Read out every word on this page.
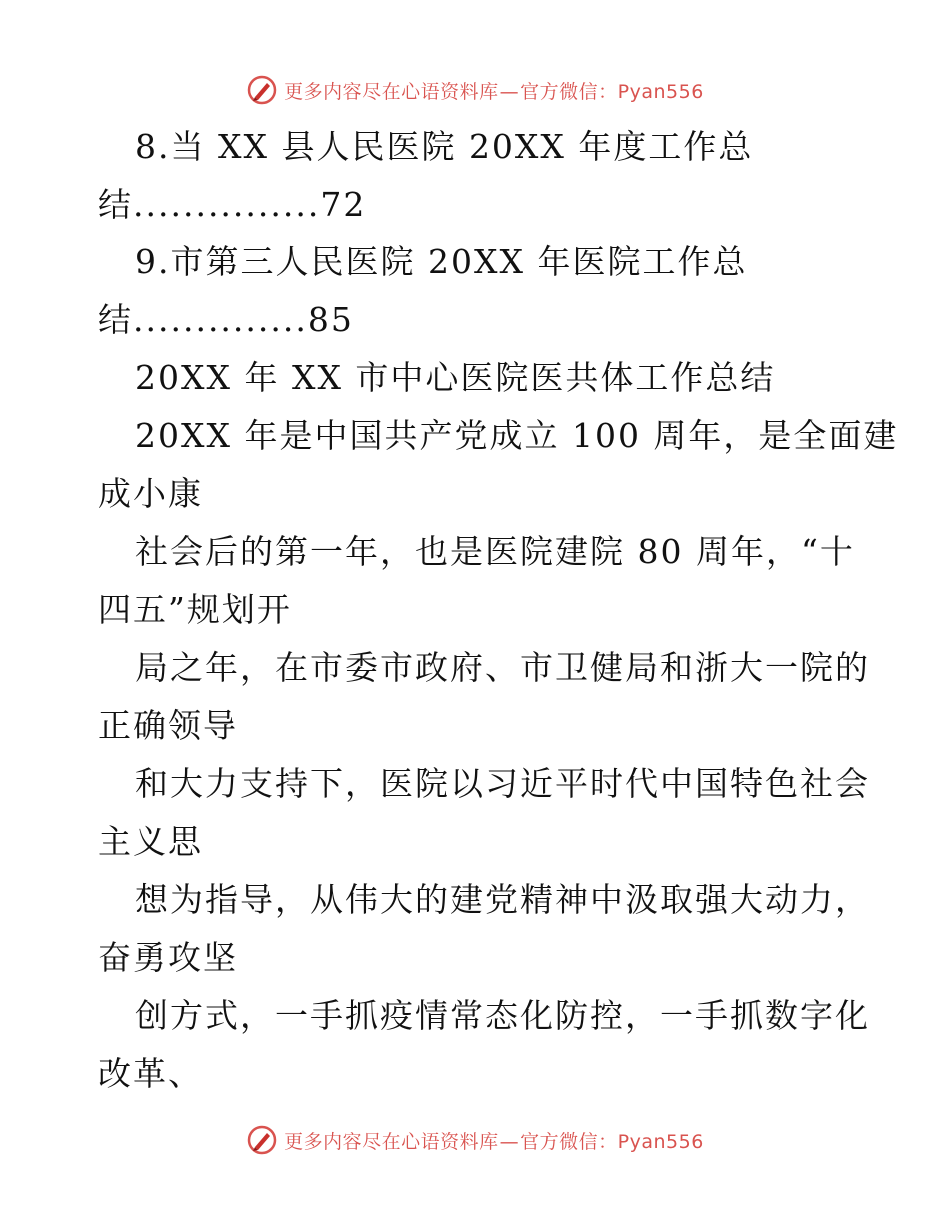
更多内容尽在心语资料库—官方微信：Pyan556
8.当 XX 县人民医院 20XX 年度工作总
结...............72
9.市第三人民医院 20XX 年医院工作总
结..............85
20XX 年 XX 市中心医院医共体工作总结
20XX 年是中国共产党成立 100 周年，是全面建
成小康
社会后的第一年，也是医院建院 80 周年，“十
四五”规划开
局之年，在市委市政府、市卫健局和浙大一院的
正确领导
和大力支持下，医院以习近平时代中国特色社会
主义思
想为指导，从伟大的建党精神中汲取强大动力，
奋勇攻坚
创方式，一手抓疫情常态化防控，一手抓数字化
改革、
更多内容尽在心语资料库—官方微信：Pyan556
